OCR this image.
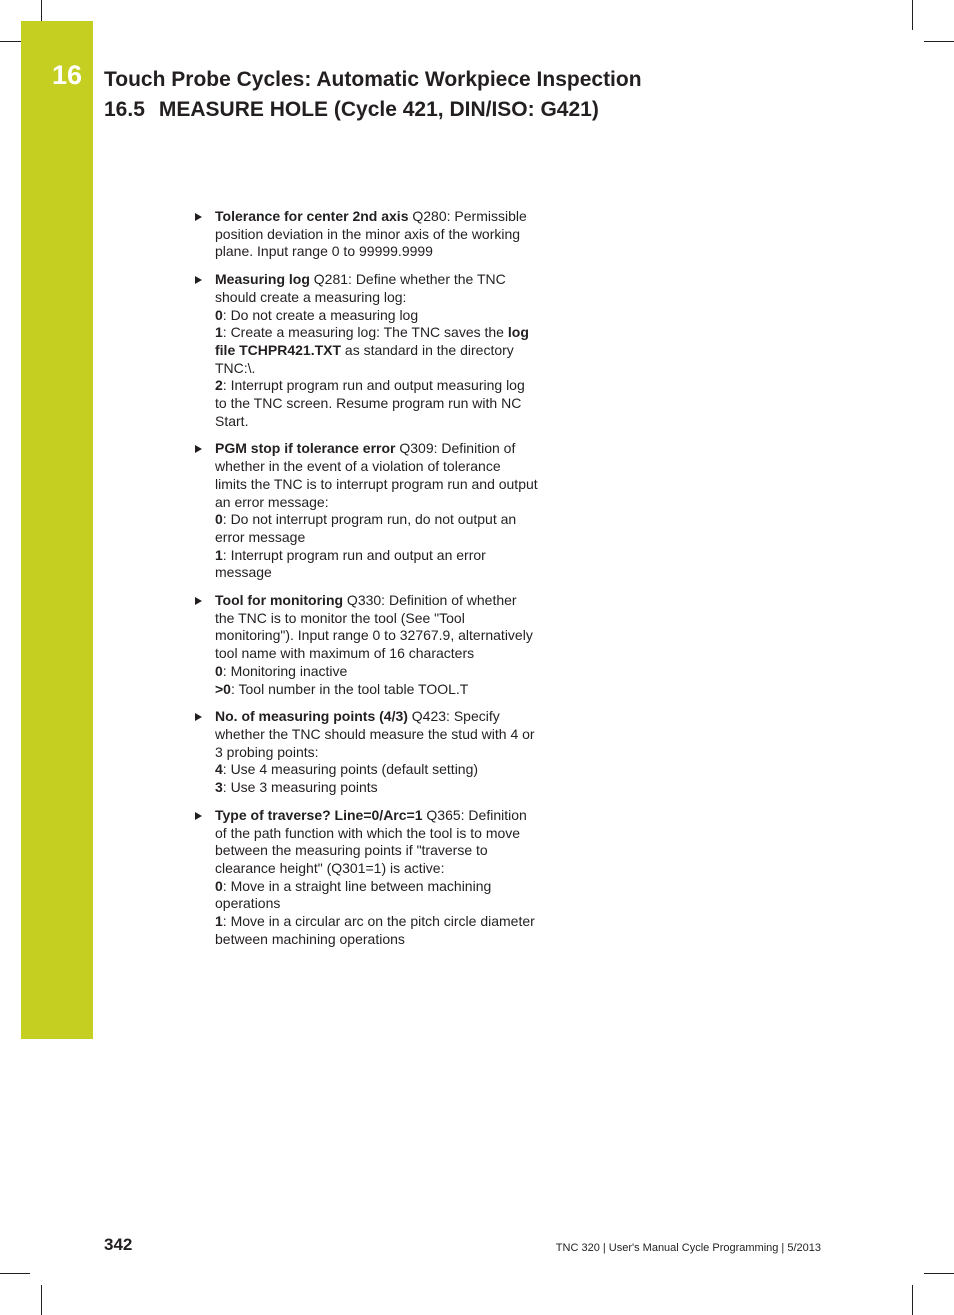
16 Touch Probe Cycles: Automatic Workpiece Inspection
16.5 MEASURE HOLE (Cycle 421, DIN/ISO: G421)
Tolerance for center 2nd axis Q280: Permissible
position deviation in the minor axis of the working
plane. Input range 0 to 99999.9999
Measuring log Q281: Define whether the TNC
should create a measuring log:
0: Do not create a measuring log
1: Create a measuring log: The TNC saves the log
file TCHPR421.TXT as standard in the directory
TNC:\.
2: Interrupt program run and output measuring log
to the TNC screen. Resume program run with NC
Start.
PGM stop if tolerance error Q309: Definition of
whether in the event of a violation of tolerance
limits the TNC is to interrupt program run and output
an error message:
0: Do not interrupt program run, do not output an
error message
1: Interrupt program run and output an error
message
Tool for monitoring Q330: Definition of whether
the TNC is to monitor the tool (See "Tool
monitoring"). Input range 0 to 32767.9, alternatively
tool name with maximum of 16 characters
0: Monitoring inactive
>0: Tool number in the tool table TOOL.T
No. of measuring points (4/3) Q423: Specify
whether the TNC should measure the stud with 4 or
3 probing points:
4: Use 4 measuring points (default setting)
3: Use 3 measuring points
Type of traverse? Line=0/Arc=1 Q365: Definition
of the path function with which the tool is to move
between the measuring points if "traverse to
clearance height" (Q301=1) is active:
0: Move in a straight line between machining
operations
1: Move in a circular arc on the pitch circle diameter
between machining operations
342	TNC 320 | User's Manual Cycle Programming | 5/2013
